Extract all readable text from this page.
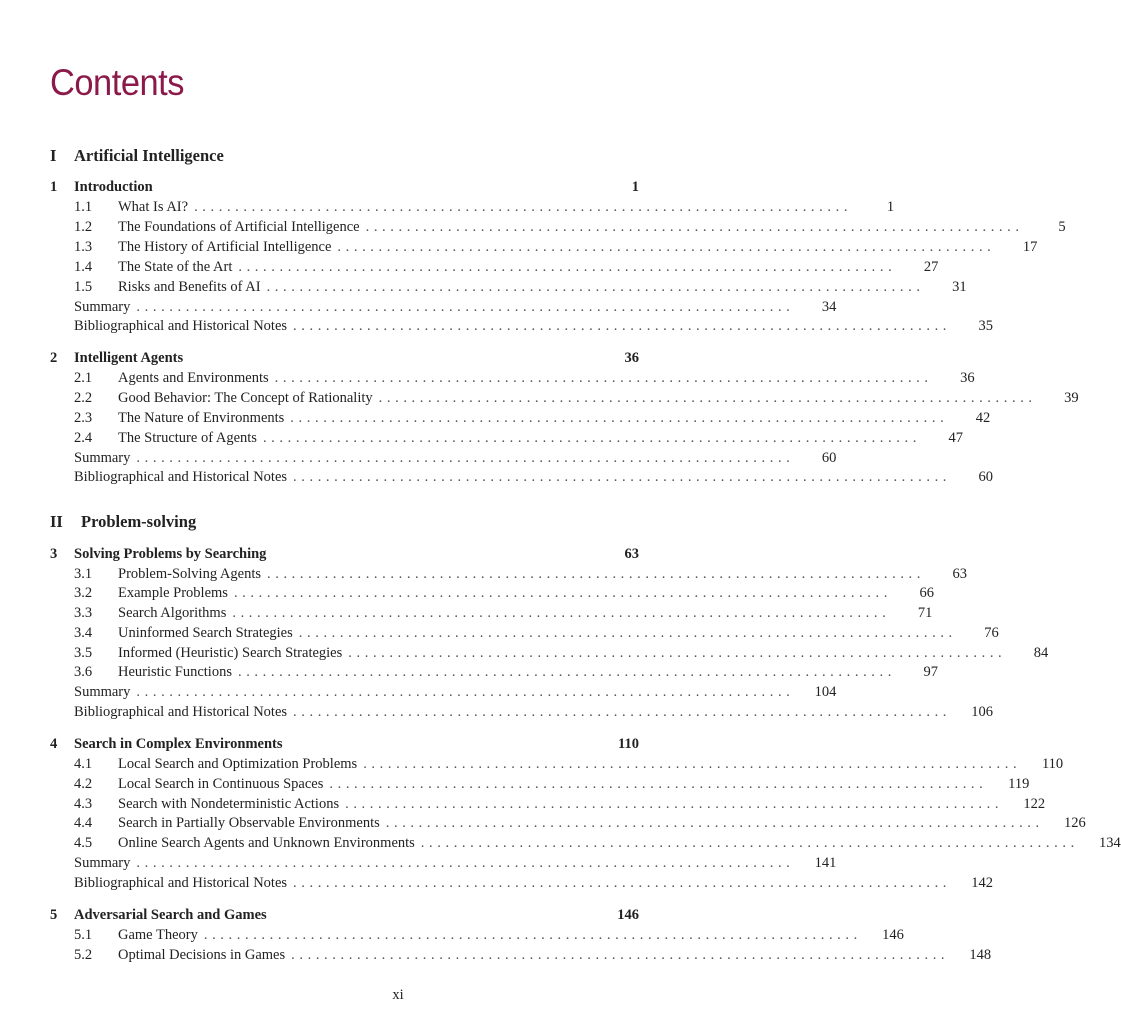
Contents
I	Artificial Intelligence
1	Introduction	1
1.1	What Is AI? ................................................................................	1
1.2	The Foundations of Artificial Intelligence ................................................................................	5
1.3	The History of Artificial Intelligence ................................................................................	17
1.4	The State of the Art ................................................................................	27
1.5	Risks and Benefits of AI ................................................................................	31
Summary ................................................................................	34
Bibliographical and Historical Notes ................................................................................	35
2	Intelligent Agents	36
2.1	Agents and Environments ................................................................................	36
2.2	Good Behavior: The Concept of Rationality ................................................................................	39
2.3	The Nature of Environments ................................................................................	42
2.4	The Structure of Agents ................................................................................	47
Summary ................................................................................	60
Bibliographical and Historical Notes ................................................................................	60
II	Problem-solving
3	Solving Problems by Searching	63
3.1	Problem-Solving Agents ................................................................................	63
3.2	Example Problems ................................................................................	66
3.3	Search Algorithms ................................................................................	71
3.4	Uninformed Search Strategies ................................................................................	76
3.5	Informed (Heuristic) Search Strategies ................................................................................	84
3.6	Heuristic Functions ................................................................................	97
Summary ................................................................................	104
Bibliographical and Historical Notes ................................................................................	106
4	Search in Complex Environments	110
4.1	Local Search and Optimization Problems ................................................................................	110
4.2	Local Search in Continuous Spaces ................................................................................	119
4.3	Search with Nondeterministic Actions ................................................................................	122
4.4	Search in Partially Observable Environments ................................................................................	126
4.5	Online Search Agents and Unknown Environments ................................................................................	134
Summary ................................................................................	141
Bibliographical and Historical Notes ................................................................................	142
5	Adversarial Search and Games	146
5.1	Game Theory ................................................................................	146
5.2	Optimal Decisions in Games ................................................................................	148
xi
